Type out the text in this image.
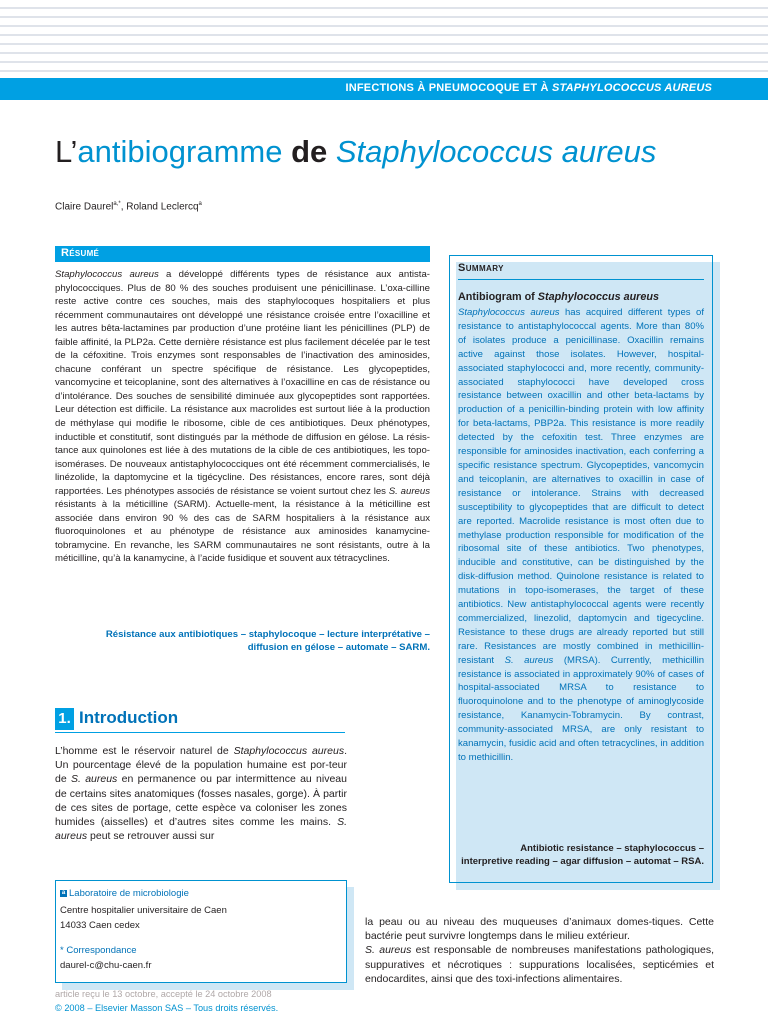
INFECTIONS À PNEUMOCOQUE ET À STAPHYLOCOCCUS AUREUS
L’antibiogramme de Staphylococcus aureus
Claire Daurel$^{a,*}$, Roland Leclercq$^a$
Résumé
Staphylococcus aureus a développé différents types de résistance aux antista-phylococciques. Plus de 80 % des souches produisent une pénicillinase. L’oxa-cilline reste active contre ces souches, mais des staphylocoques hospitaliers et plus récemment communautaires ont développé une résistance croisée entre l’oxacilline et les autres bêta-lactamines par production d’une protéine liant les pénicillines (PLP) de faible affinité, la PLP2a. Cette dernière résistance est plus facilement décelée par le test de la céfoxitine. Trois enzymes sont responsables de l’inactivation des aminosides, chacune conférant un spectre spécifique de résistance. Les glycopeptides, vancomycine et teicoplanine, sont des alternatives à l’oxacilline en cas de résistance ou d’intolérance. Des souches de sensibilité diminuée aux glycopeptides sont rapportées. Leur détection est difficile. La résistance aux macrolides est surtout liée à la production de méthylase qui modifie le ribosome, cible de ces antibiotiques. Deux phénotypes, inductible et constitutif, sont distingués par la méthode de diffusion en gélose. La résis-tance aux quinolones est liée à des mutations de la cible de ces antibiotiques, les topo-isomérases. De nouveaux antistaphylococciques ont été récemment commercialisés, le linézolide, la daptomycine et la tigécycline. Des résistances, encore rares, sont déjà rapportées. Les phénotypes associés de résistance se voient surtout chez les S. aureus résistants à la méticilline (SARM). Actuelle-ment, la résistance à la méticilline est associée dans environ 90 % des cas de SARM hospitaliers à la résistance aux fluoroquinolones et au phénotype de résistance aux aminosides kanamycine-tobramycine. En revanche, les SARM communautaires ne sont résistants, outre à la méticilline, qu’à la kanamycine, à l’acide fusidique et souvent aux tétracyclines.
Résistance aux antibiotiques – staphylocoque – lecture interprétative –
diffusion en gélose – automate – SARM.
Summary
Antibiogram of Staphylococcus aureus
Staphylococcus aureus has acquired different types of resistance to antistaphylococcal agents. More than 80% of isolates produce a penicillinase. Oxacillin remains active against those isolates. However, hospital-associated staphylococci and, more recently, community-associated staphylococci have developed cross resistance between oxacillin and other beta-lactams by production of a penicillin-binding protein with low affinity for beta-lactams, PBP2a. This resistance is more readily detected by the cefoxitin test. Three enzymes are responsible for aminosides inactivation, each conferring a specific resistance spectrum. Glycopeptides, vancomycin and teicoplanin, are alternatives to oxacillin in case of resistance or intolerance. Strains with decreased susceptibility to glycopeptides that are difficult to detect are reported. Macrolide resistance is most often due to methylase production responsible for modification of the ribosomal site of these antibiotics. Two phenotypes, inducible and constitutive, can be distinguished by the disk-diffusion method. Quinolone resistance is related to mutations in topo-isomerases, the target of these antibiotics. New antistaphylococcal agents were recently commercialized, linezolid, daptomycin and tigecycline. Resistance to these drugs are already reported but still rare. Resistances are mostly combined in methicillin-resistant S. aureus (MRSA). Currently, methicillin resistance is associated in approximately 90% of cases of hospital-associated MRSA to resistance to fluoroquinolone and to the phenotype of aminoglycoside resistance, Kanamycin-Tobramycin. By contrast, community-associated MRSA, are only resistant to kanamycin, fusidic acid and often tetracyclines, in addition to methicillin.
Antibiotic resistance – staphylococcus –
interpretive reading – agar diffusion – automat – RSA.
1. Introduction
L’homme est le réservoir naturel de Staphylococcus aureus. Un pourcentage élevé de la population humaine est por-teur de S. aureus en permanence ou par intermittence au niveau de certains sites anatomiques (fosses nasales, gorge). À partir de ces sites de portage, cette espèce va coloniser les zones humides (aisselles) et d’autres sites comme les mains. S. aureus peut se retrouver aussi sur
a Laboratoire de microbiologie
Centre hospitalier universitaire de Caen
14033 Caen cedex
* Correspondance
daurel-c@chu-caen.fr
article reçu le 13 octobre, accepté le 24 octobre 2008
© 2008 – Elsevier Masson SAS – Tous droits réservés.

la peau ou au niveau des muqueuses d’animaux domes-tiques. Cette bactérie peut survivre longtemps dans le milieu extérieur.

S. aureus est responsable de nombreuses manifestations pathologiques, suppuratives et nécrotiques : suppurations localisées, septicémies et endocardites, ainsi que des toxi-infections alimentaires.
